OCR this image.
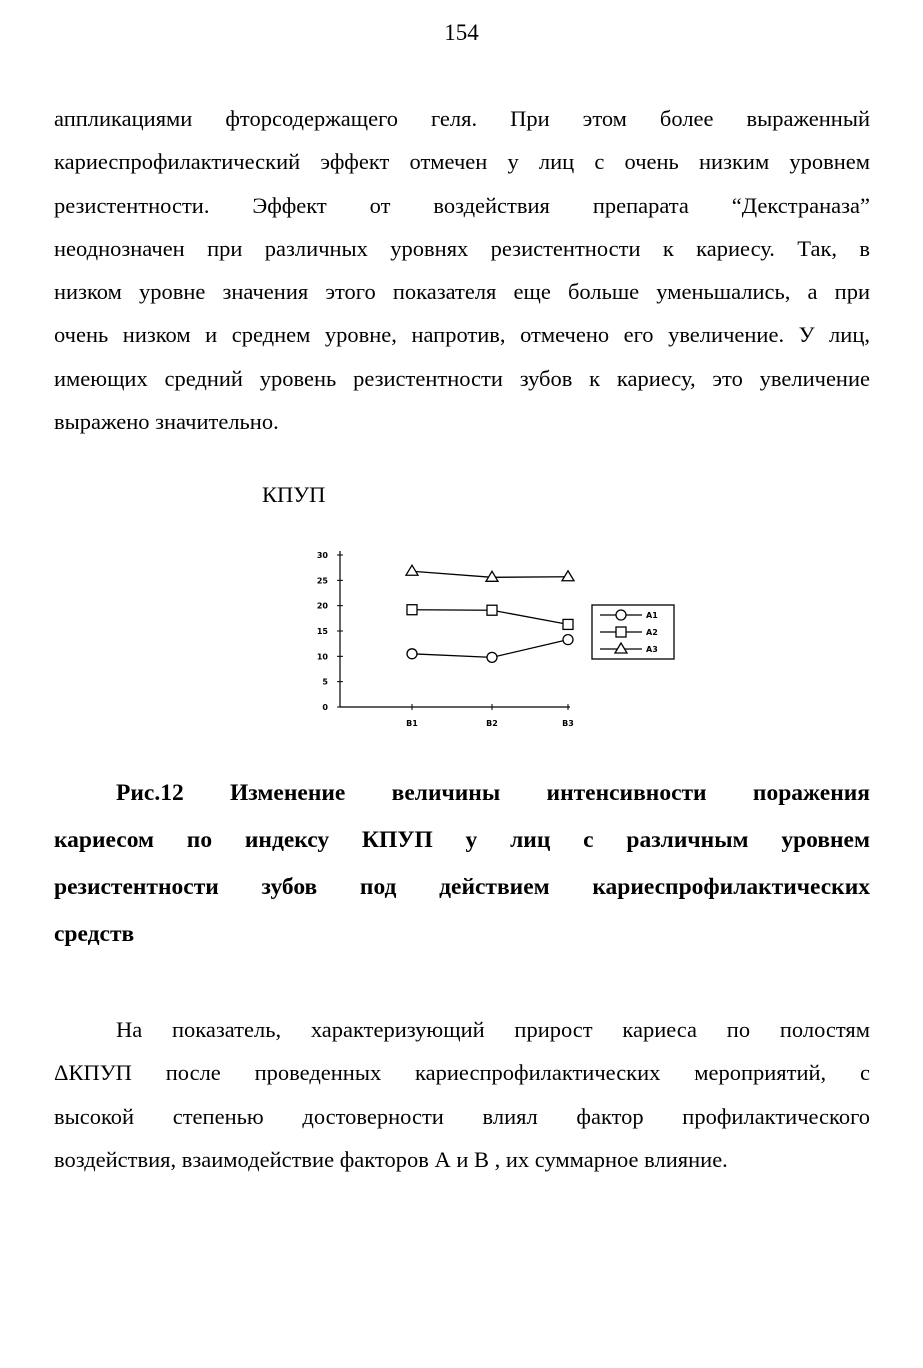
154
аппликациями фторсодержащего геля. При этом более выраженный
кариеспрофилактический эффект отмечен у лиц с очень низким уровнем
резистентности. Эффект от воздействия препарата “Декстраназа”
неоднозначен при различных уровнях резистентности к кариесу. Так, в
низком уровне значения этого показателя еще больше уменьшались, а при
очень низком и среднем уровне, напротив, отмечено его увеличение. У лиц,
имеющих средний уровень резистентности зубов к кариесу, это увеличение
выражено значительно.
КПУП
0
5
10
15
20
25
30
B1	B2	B3
A1
A2
A3
Рис.12 Изменение величины интенсивности поражения
кариесом по индексу КПУП у лиц с различным уровнем
резистентности зубов под действием кариеспрофилактических
средств
На показатель, характеризующий прирост кариеса по полостям
ΔКПУП после проведенных кариеспрофилактических мероприятий, с
высокой степенью достоверности влиял фактор профилактического
воздействия, взаимодействие факторов А и В , их суммарное влияние.
